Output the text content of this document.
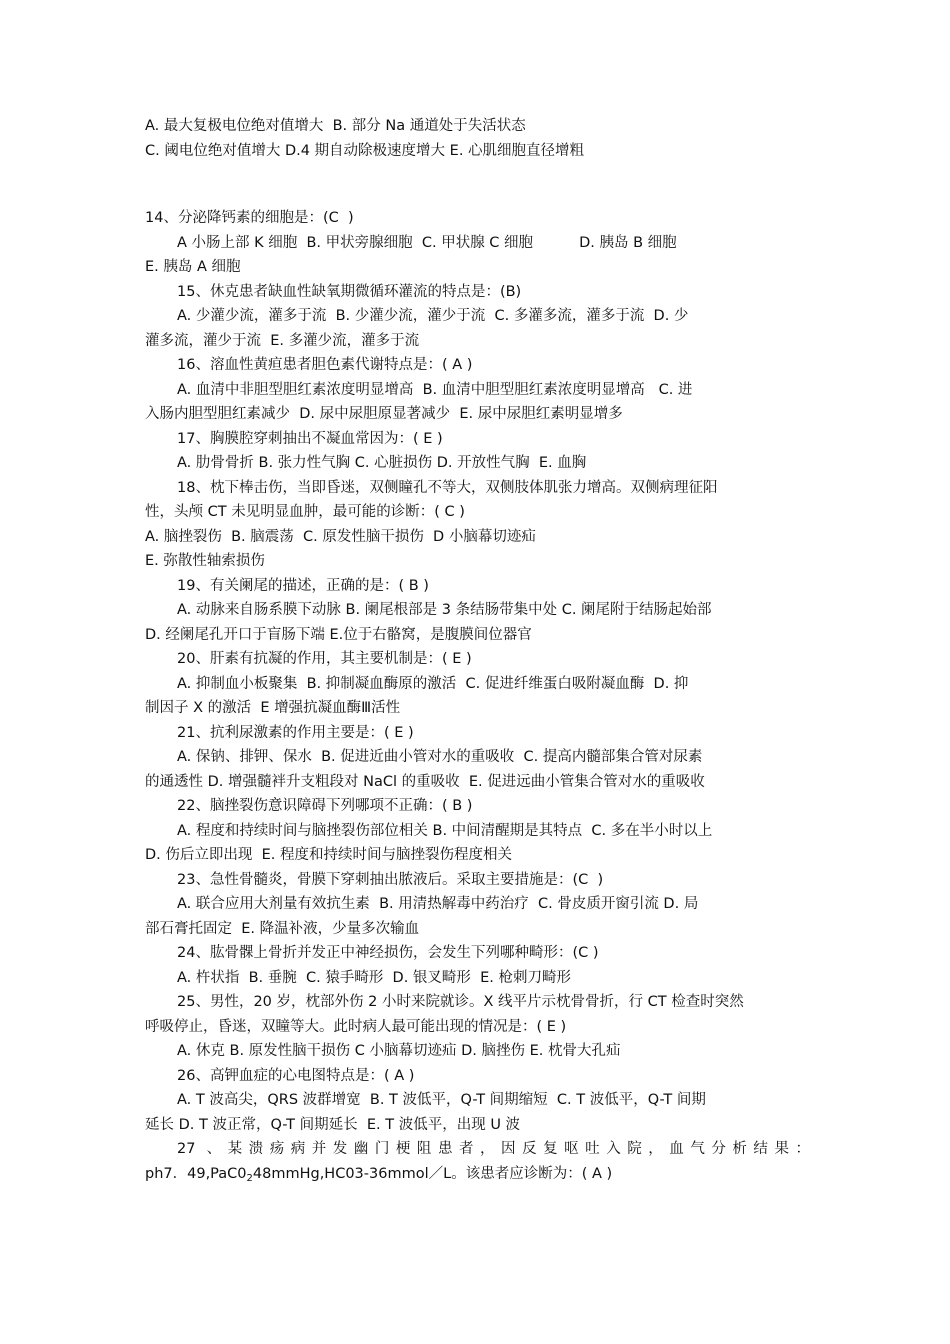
A. 最大复极电位绝对值增大  B. 部分 Na 通道处于失活状态

C. 阈电位绝对值增大 D.4 期自动除极速度增大 E. 心肌细胞直径增粗

14、分泌降钙素的细胞是：(C  )

A 小肠上部 K 细胞  B. 甲状旁腺细胞  C. 甲状腺 C 细胞          D. 胰岛 B 细胞

E. 胰岛 A 细胞

15、休克患者缺血性缺氧期微循环灌流的特点是：(B)

A. 少灌少流，灌多于流  B. 少灌少流，灌少于流  C. 多灌多流，灌多于流  D. 少

灌多流，灌少于流  E. 多灌少流，灌多于流

16、溶血性黄疸患者胆色素代谢特点是：( A )

A. 血清中非胆型胆红素浓度明显增高  B. 血清中胆型胆红素浓度明显增高   C. 进

入肠内胆型胆红素减少  D. 尿中尿胆原显著减少  E. 尿中尿胆红素明显增多

17、胸膜腔穿刺抽出不凝血常因为：( E )

A. 肋骨骨折 B. 张力性气胸 C. 心脏损伤 D. 开放性气胸  E. 血胸

18、枕下棒击伤，当即昏迷，双侧瞳孔不等大，双侧肢体肌张力增高。双侧病理征阳

性，头颅 CT 未见明显血肿，最可能的诊断：( C )

A. 脑挫裂伤  B. 脑震荡  C. 原发性脑干损伤  D 小脑幕切迹疝

E. 弥散性轴索损伤

19、有关阑尾的描述，正确的是：( B )

A. 动脉来自肠系膜下动脉 B. 阑尾根部是 3 条结肠带集中处 C. 阑尾附于结肠起始部

D. 经阑尾孔开口于盲肠下端 E.位于右骼窝，是腹膜间位器官

20、肝素有抗凝的作用，其主要机制是：( E )

A. 抑制血小板聚集  B. 抑制凝血酶原的激活  C. 促进纤维蛋白吸附凝血酶  D. 抑

制因子 X 的激活  E 增强抗凝血酶Ⅲ活性

21、抗利尿激素的作用主要是：( E )

A. 保钠、排钾、保水  B. 促进近曲小管对水的重吸收  C. 提高内髓部集合管对尿素

的通透性 D. 增强髓袢升支粗段对 NaCl 的重吸收  E. 促进远曲小管集合管对水的重吸收

22、脑挫裂伤意识障碍下列哪项不正确：( B )

A. 程度和持续时间与脑挫裂伤部位相关 B. 中间清醒期是其特点  C. 多在半小时以上

D. 伤后立即出现  E. 程度和持续时间与脑挫裂伤程度相关

23、急性骨髓炎，骨膜下穿刺抽出脓液后。采取主要措施是：(C  )

A. 联合应用大剂量有效抗生素  B. 用清热解毒中药治疗  C. 骨皮质开窗引流 D. 局

部石膏托固定  E. 降温补液，少量多次输血

24、肱骨髁上骨折并发正中神经损伤，会发生下列哪种畸形：(C )

A. 杵状指  B. 垂腕  C. 猿手畸形  D. 银叉畸形  E. 枪刺刀畸形

25、男性，20 岁，枕部外伤 2 小时来院就诊。X 线平片示枕骨骨折，行 CT 检查时突然

呼吸停止，昏迷，双瞳等大。此时病人最可能出现的情况是：( E )

A. 休克 B. 原发性脑干损伤 C 小脑幕切迹疝 D. 脑挫伤 E. 枕骨大孔疝

26、高钾血症的心电图特点是：( A )

A. T 波高尖，QRS 波群增宽  B. T 波低平，Q-T 间期缩短  C. T 波低平，Q-T 间期

延长 D. T 波正常，Q-T 间期延长  E. T 波低平，出现 U 波

27 、某溃疡病并发幽门梗阻患者，因反复呕吐入院，血气分析结果：

ph7．$49,PaC0_248mmHg,HC03-36mmol/L$。该患者应诊断为：( A )
